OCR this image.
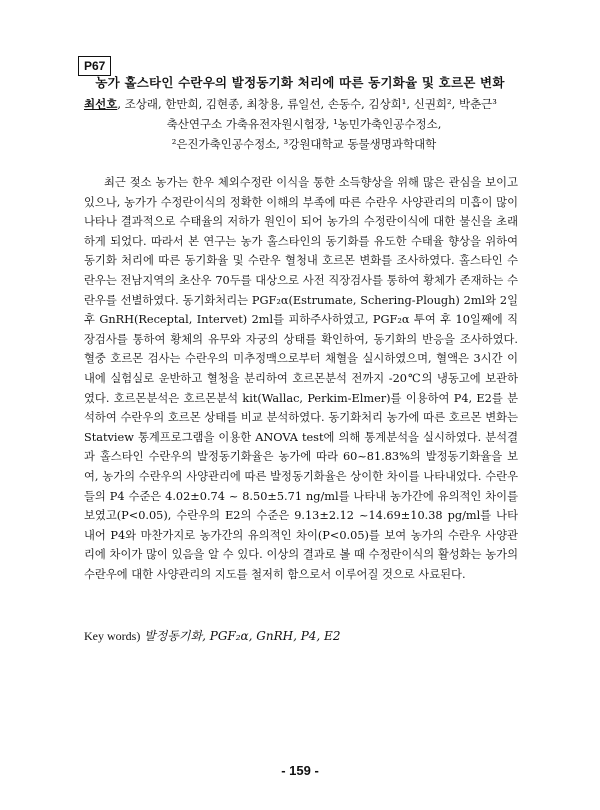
P67
농가 홀스타인 수란우의 발정동기화 처리에 따른 동기화율 및 호르몬 변화
최선호, 조상래, 한만희, 김현종, 최창용, 류일선, 손동수, 김상희¹, 신권희², 박춘근³
축산연구소 가축유전자원시험장, ¹농민가축인공수정소,
²은진가축인공수정소, ³강원대학교 동물생명과학대학

최근 젖소 농가는 한우 체외수정란 이식을 통한 소득향상을 위해 많은 관심을 보이고 있으나, 농가가 수정란이식의 정확한 이해의 부족에 따른 수란우 사양관리의 미흡이 많이 나타나 결과적으로 수태율의 저하가 원인이 되어 농가의 수정란이식에 대한 불신을 초래하게 되었다. 따라서 본 연구는 농가 홀스타인의 동기화를 유도한 수태율 향상을 위하여 동기화 처리에 따른 동기화율 및 수란우 혈청내 호르몬 변화를 조사하였다. 홀스타인 수란우는 전남지역의 초산우 70두를 대상으로 사전 직장검사를 통하여 황체가 존재하는 수란우를 선별하였다. 동기화처리는 PGF₂α(Estrumate, Schering-Plough) 2ml와 2일 후 GnRH(Receptal, Intervet) 2ml를 피하주사하였고, PGF₂α 투여 후 10일째에 직장검사를 통하여 황체의 유무와 자궁의 상태를 확인하여, 동기화의 반응을 조사하였다. 혈중 호르몬 검사는 수란우의 미추정맥으로부터 채혈을 실시하였으며, 혈액은 3시간 이내에 실험실로 운반하고 혈청을 분리하여 호르몬분석 전까지 -20℃의 냉동고에 보관하였다. 호르몬분석은 호르몬분석 kit(Wallac, Perkim-Elmer)를 이용하여 P4, E2를 분석하여 수란우의 호르몬 상태를 비교 분석하였다. 동기화처리 농가에 따른 호르몬 변화는 Statview 통계프로그램을 이용한 ANOVA test에 의해 통계분석을 실시하였다. 분석결과 홀스타인 수란우의 발정동기화율은 농가에 따라 60~81.83%의 발정동기화율을 보여, 농가의 수란우의 사양관리에 따른 발정동기화율은 상이한 차이를 나타내었다. 수란우들의 P4 수준은 4.02±0.74 ~ 8.50±5.71 ng/ml를 나타내 농가간에 유의적인 차이를 보였고(P<0.05), 수란우의 E2의 수준은 9.13±2.12 ~14.69±10.38 pg/ml를 나타내어 P4와 마찬가지로 농가간의 유의적인 차이(P<0.05)를 보여 농가의 수란우 사양관리에 차이가 많이 있음을 알 수 있다. 이상의 결과로 볼 때 수정란이식의 활성화는 농가의 수란우에 대한 사양관리의 지도를 철저히 함으로서 이루어질 것으로 사료된다.

Key words) 발정동기화, PGF₂α, GnRH, P4, E2
- 159 -
